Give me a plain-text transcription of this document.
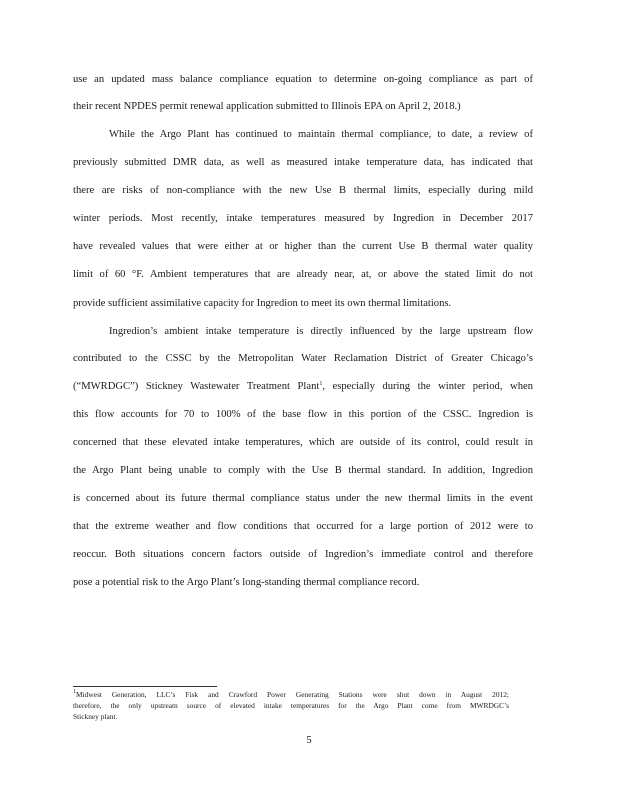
use an updated mass balance compliance equation to determine on-going compliance as part of
their recent NPDES permit renewal application submitted to Illinois EPA on April 2, 2018.)
While the Argo Plant has continued to maintain thermal compliance, to date, a review of
previously submitted DMR data, as well as measured intake temperature data, has indicated that
there are risks of non-compliance with the new Use B thermal limits, especially during mild
winter periods. Most recently, intake temperatures measured by Ingredion in December 2017
have revealed values that were either at or higher than the current Use B thermal water quality
limit of 60 °F. Ambient temperatures that are already near, at, or above the stated limit do not
provide sufficient assimilative capacity for Ingredion to meet its own thermal limitations.
Ingredion’s ambient intake temperature is directly influenced by the large upstream flow
contributed to the CSSC by the Metropolitan Water Reclamation District of Greater Chicago’s
(“MWRDGC”) Stickney Wastewater Treatment Plant$^1$, especially during the winter period, when
this flow accounts for 70 to 100% of the base flow in this portion of the CSSC. Ingredion is
concerned that these elevated intake temperatures, which are outside of its control, could result in
the Argo Plant being unable to comply with the Use B thermal standard. In addition, Ingredion
is concerned about its future thermal compliance status under the new thermal limits in the event
that the extreme weather and flow conditions that occurred for a large portion of 2012 were to
reoccur. Both situations concern factors outside of Ingredion’s immediate control and therefore
pose a potential risk to the Argo Plant’s long-standing thermal compliance record.
$^1$Midwest Generation, LLC’s Fisk and Crawford Power Generating Stations were shut down in August 2012;
therefore, the only upstream source of elevated intake temperatures for the Argo Plant come from MWRDGC’s
Stickney plant.
5
